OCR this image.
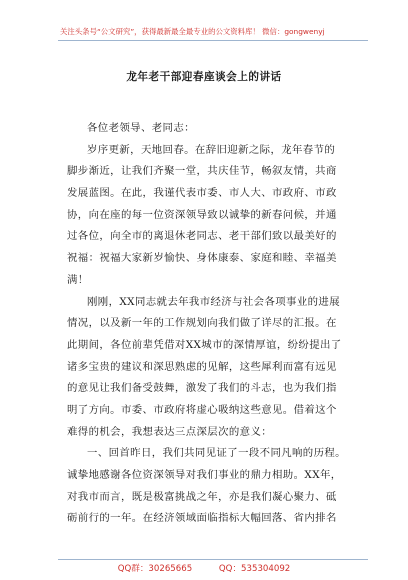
关注头条号“公文研究”，获得最新最全最专业的公文资料库！ 微信：gongwenyj
龙年老干部迎春座谈会上的讲话
各位老领导、老同志：
岁序更新，天地回春。在辞旧迎新之际，龙年春节的
脚步渐近，让我们齐聚一堂，共庆佳节，畅叙友情，共商
发展蓝图。在此，我谨代表市委、市人大、市政府、市政
协，向在座的每一位资深领导致以诚挚的新春问候，并通
过各位，向全市的离退休老同志、老干部们致以最美好的
祝福：祝福大家新岁愉快、身体康泰、家庭和睦、幸福美
满！
刚刚，XX同志就去年我市经济与社会各项事业的进展
情况，以及新一年的工作规划向我们做了详尽的汇报。在
此期间，各位前辈凭借对XX城市的深情厚谊，纷纷提出了
诸多宝贵的建议和深思熟虑的见解，这些犀利而富有远见
的意见让我们备受鼓舞，激发了我们的斗志，也为我们指
明了方向。市委、市政府将虚心吸纳这些意见。借着这个
难得的机会，我想表达三点深层次的意义：
一、回首昨日，我们共同见证了一段不同凡响的历程。
诚挚地感谢各位资深领导对我们事业的鼎力相助。XX年，
对我市而言，既是极富挑战之年，亦是我们凝心聚力、砥
砺前行的一年。在经济领域面临指标大幅回落、省内排名
QQ群：30265665	QQ：535304092
